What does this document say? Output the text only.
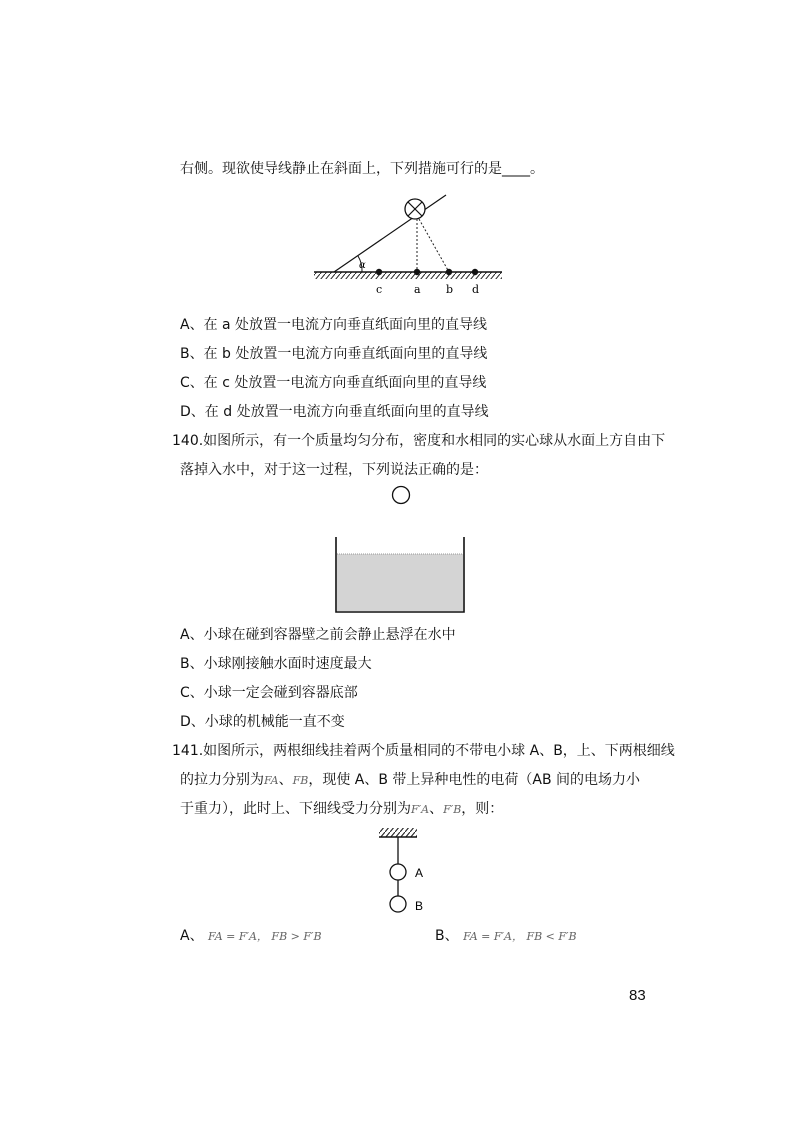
右侧。现欲使导线静止在斜面上，下列措施可行的是____。
α
c	a b d
A、在 a 处放置一电流方向垂直纸面向里的直导线
B、在 b 处放置一电流方向垂直纸面向里的直导线
C、在 c 处放置一电流方向垂直纸面向里的直导线
D、在 d 处放置一电流方向垂直纸面向里的直导线
140.如图所示，有一个质量均匀分布，密度和水相同的实心球从水面上方自由下
落掉入水中，对于这一过程，下列说法正确的是：
A、小球在碰到容器壁之前会静止悬浮在水中
B、小球刚接触水面时速度最大
C、小球一定会碰到容器底部
D、小球的机械能一直不变
141.如图所示，两根细线挂着两个质量相同的不带电小球 A、B，上、下两根细线
的拉力分别为FA、FB，现使 A、B 带上异种电性的电荷（AB 间的电场力小
于重力），此时上、下细线受力分别为F′A、F′B，则：
A
B
A、 FA = F′A， FB > F′B	B、 FA = F′A， FB < F′B
83
